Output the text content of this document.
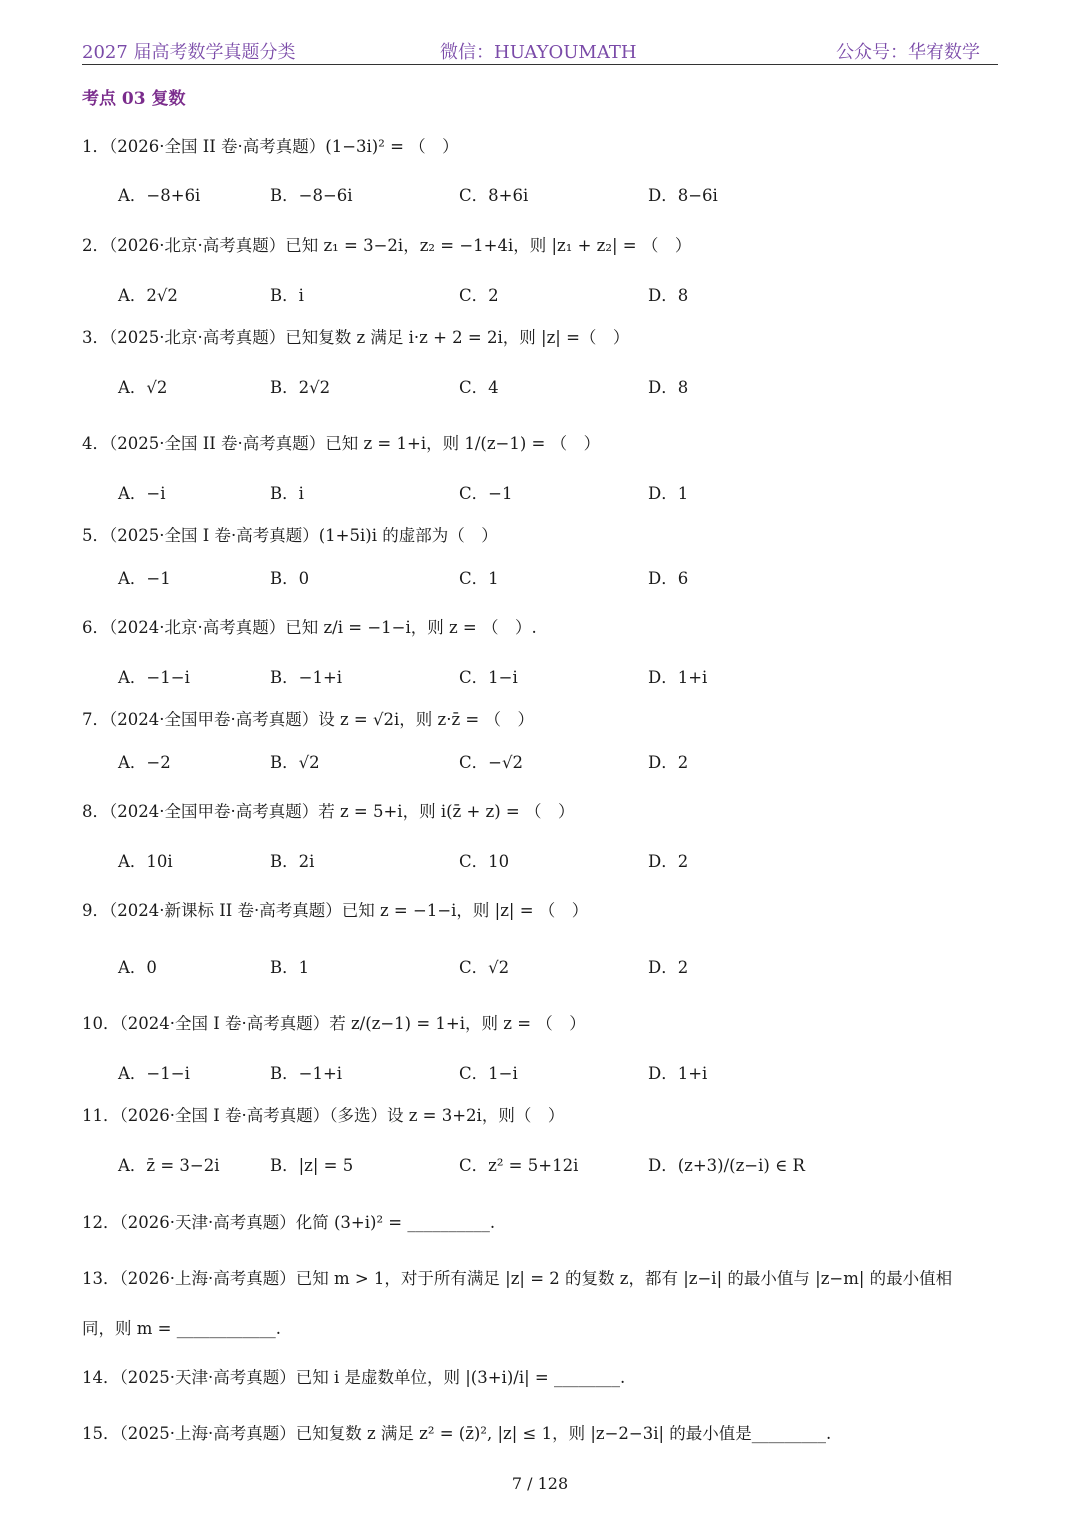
2027 届高考数学真题分类	微信：HUAYOUMATH	公众号：华宥数学
考点 03 复数
1．（2026·全国 II 卷·高考真题）(1−3i)² = （　）
A．−8+6i	B．−8−6i	C．8+6i	D．8−6i
2．（2026·北京·高考真题）已知 z₁ = 3−2i，z₂ = −1+4i，则 |z₁ + z₂| = （　）
A．2√2	B．i	C．2	D．8
3．（2025·北京·高考真题）已知复数 z 满足 i·z + 2 = 2i，则 |z| =（　）
A．√2	B．2√2	C．4	D．8
4．（2025·全国 II 卷·高考真题）已知 z = 1+i，则 1/(z−1) = （　）
A．−i	B．i	C．−1	D．1
5．（2025·全国 I 卷·高考真题）(1+5i)i 的虚部为（　）
A．−1	B．0	C．1	D．6
6．（2024·北京·高考真题）已知 z/i = −1−i，则 z = （　）.
A．−1−i	B．−1+i	C．1−i	D．1+i
7．（2024·全国甲卷·高考真题）设 z = √2i，则 z·z̄ = （　）
A．−2	B．√2	C．−√2	D．2
8．（2024·全国甲卷·高考真题）若 z = 5+i，则 i(z̄ + z) = （　）
A．10i	B．2i	C．10	D．2
9．（2024·新课标 II 卷·高考真题）已知 z = −1−i，则 |z| = （　）
A．0	B．1	C．√2	D．2
10．（2024·全国 I 卷·高考真题）若 z/(z−1) = 1+i，则 z = （　）
A．−1−i	B．−1+i	C．1−i	D．1+i
11．（2026·全国 I 卷·高考真题）（多选）设 z = 3+2i，则（　）
A．z̄ = 3−2i	B．|z| = 5	C．z² = 5+12i	D．(z+3)/(z−i) ∈ R
12．（2026·天津·高考真题）化简 (3+i)² = __________.
13．（2026·上海·高考真题）已知 m > 1，对于所有满足 |z| = 2 的复数 z，都有 |z−i| 的最小值与 |z−m| 的最小值相
同，则 m = ____________.
14．（2025·天津·高考真题）已知 i 是虚数单位，则 |(3+i)/i| = ________.
15．（2025·上海·高考真题）已知复数 z 满足 z² = (z̄)², |z| ≤ 1，则 |z−2−3i| 的最小值是_________.
7 / 128
